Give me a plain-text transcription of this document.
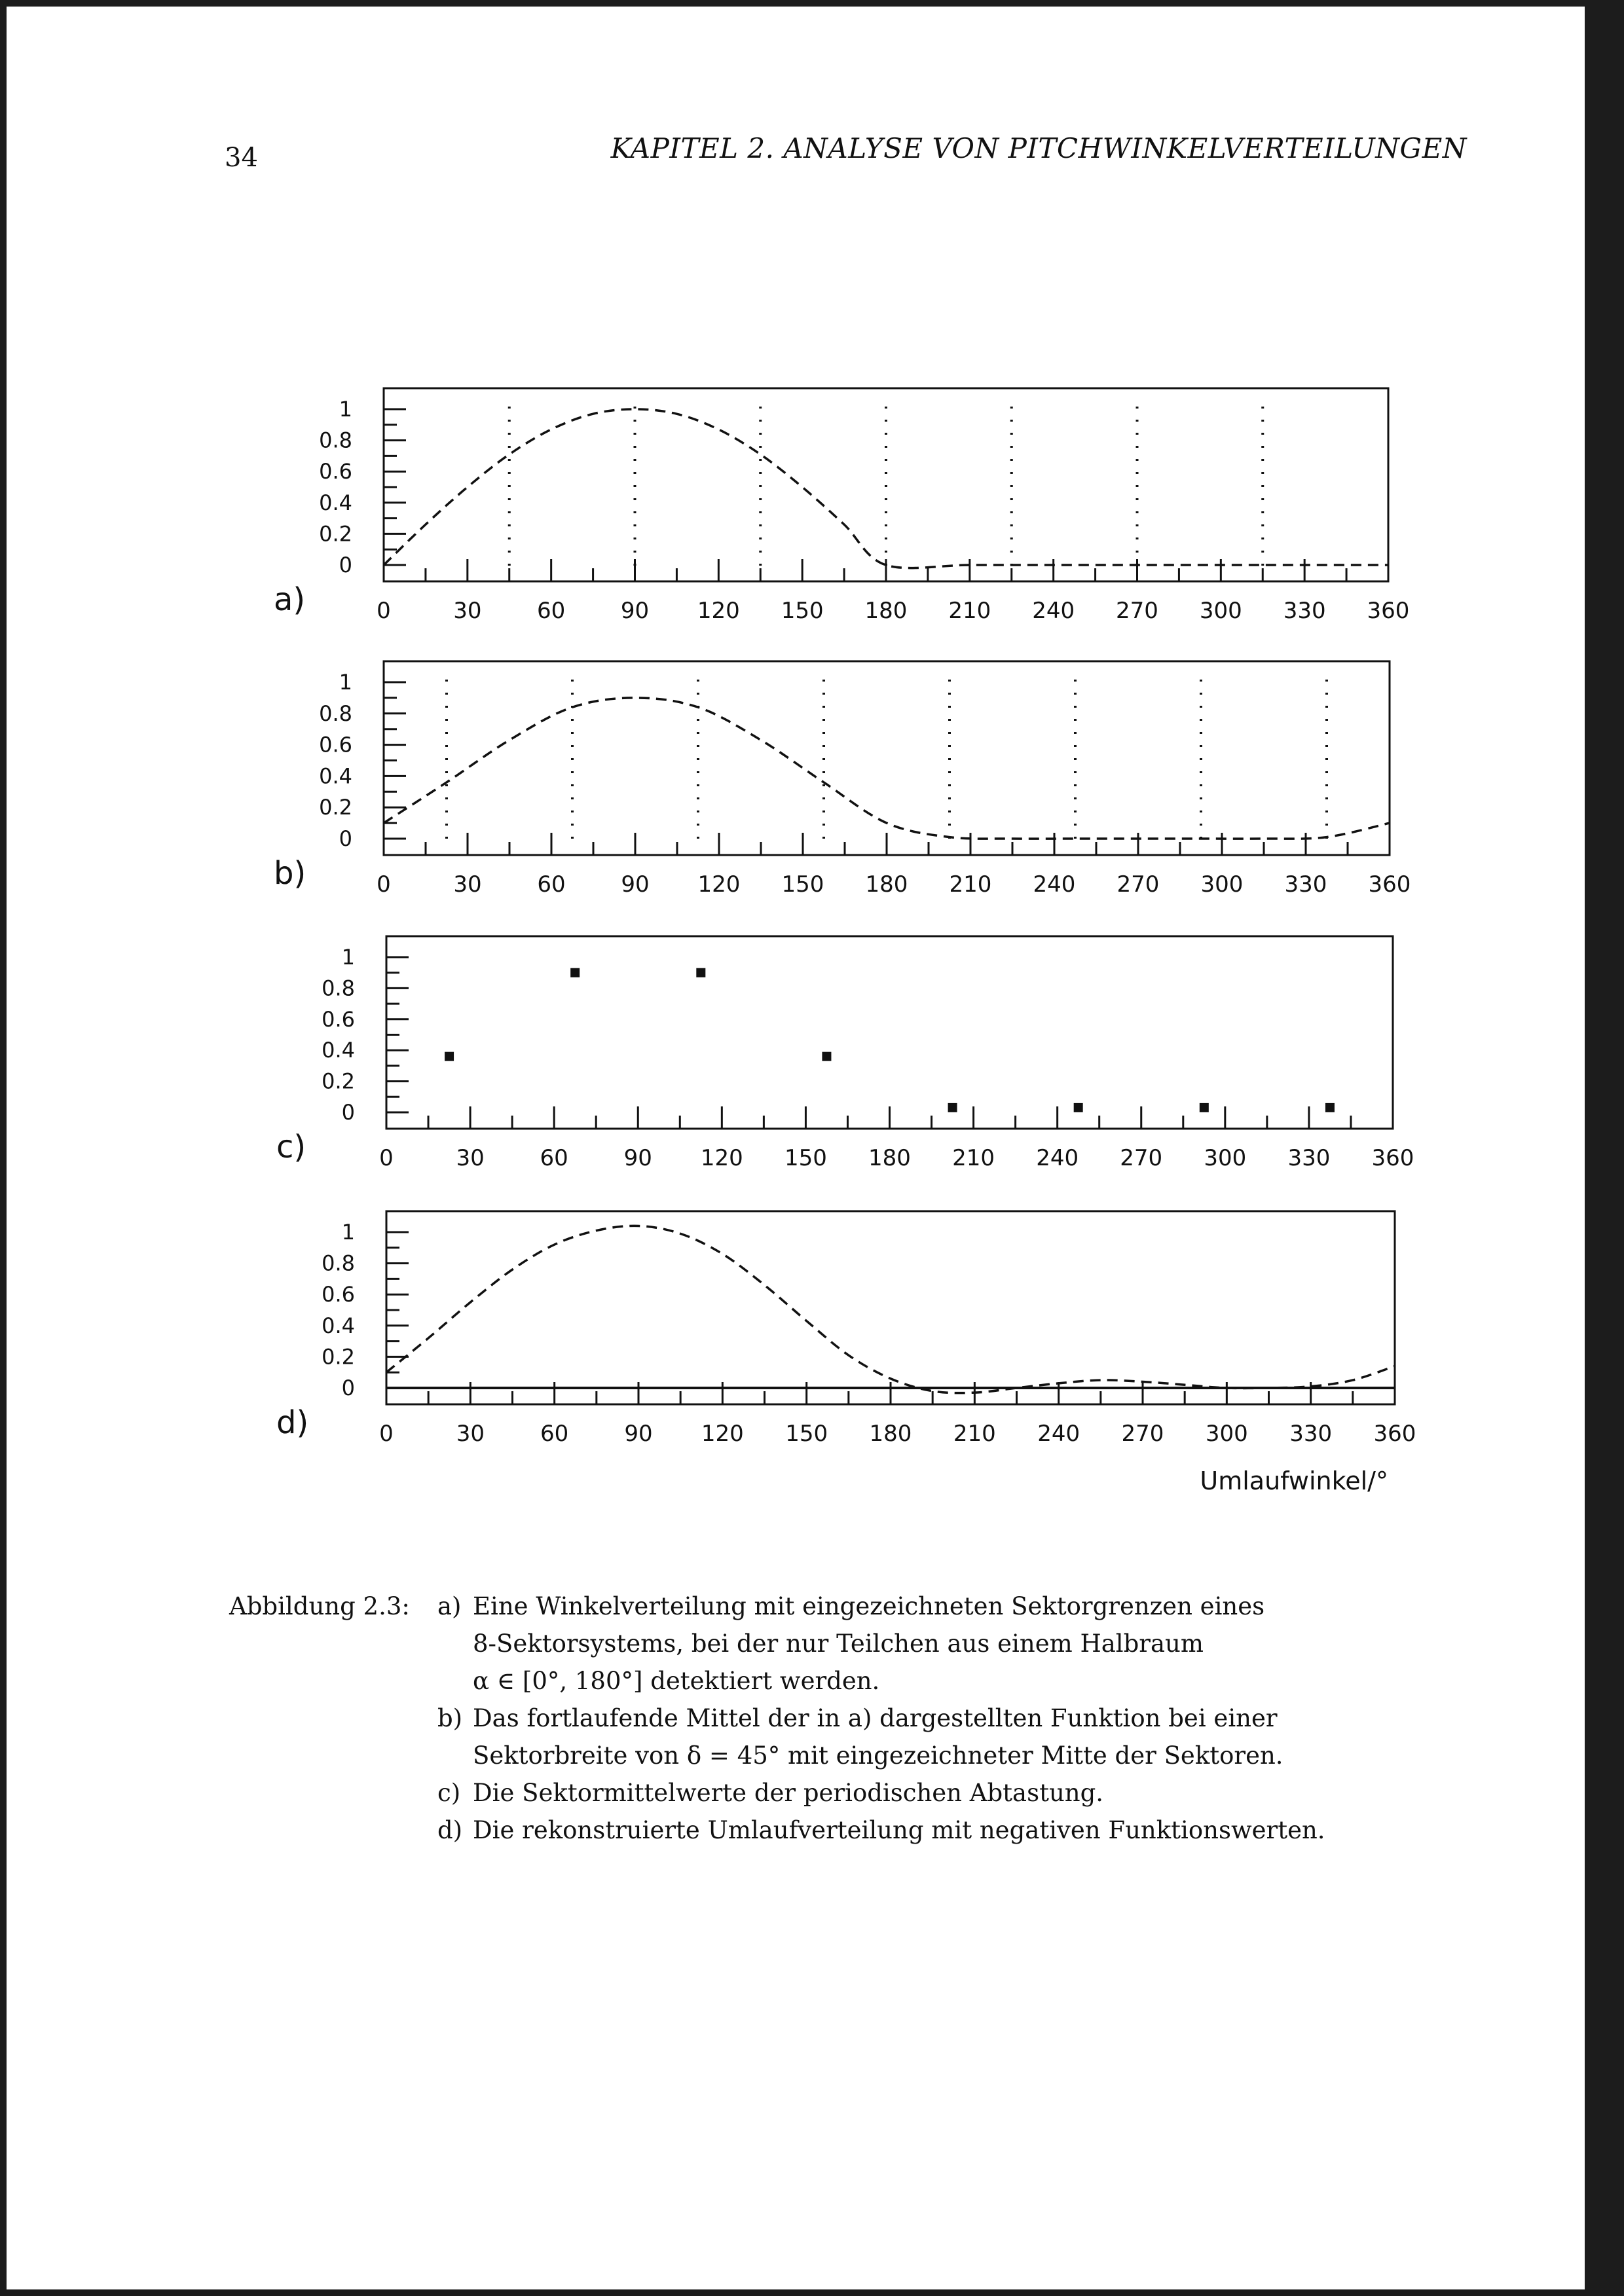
34	KAPITEL 2. ANALYSE VON PITCHWINKELVERTEILUNGEN
1
0.8
0.6
0.4
0.2
0
0	30 60 90 120 150 180 210 240 270 300 330 360
a)
1
0.8
0.6
0.4
0.2
0
0	30 60 90 120 150 180 210 240 270 300 330 360
b)
1
0.8
0.6
0.4
0.2
0
0	30 60 90 120 150 180 210 240 270 300 330 360
c)
1
0.8
0.6
0.4
0.2
0
0	30	60	90 120 150 180 210 240 270 300 330 360
d)
Umlaufwinkel/°
Abbildung 2.3: a) Eine Winkelverteilung mit eingezeichneten Sektorgrenzen eines
8-Sektorsystems, bei der nur Teilchen aus einem Halbraum
α ∈ [0°, 180°] detektiert werden.
b) Das fortlaufende Mittel der in a) dargestellten Funktion bei einer
Sektorbreite von δ = 45° mit eingezeichneter Mitte der Sektoren.
c) Die Sektormittelwerte der periodischen Abtastung.
d) Die rekonstruierte Umlaufverteilung mit negativen Funktionswerten.
